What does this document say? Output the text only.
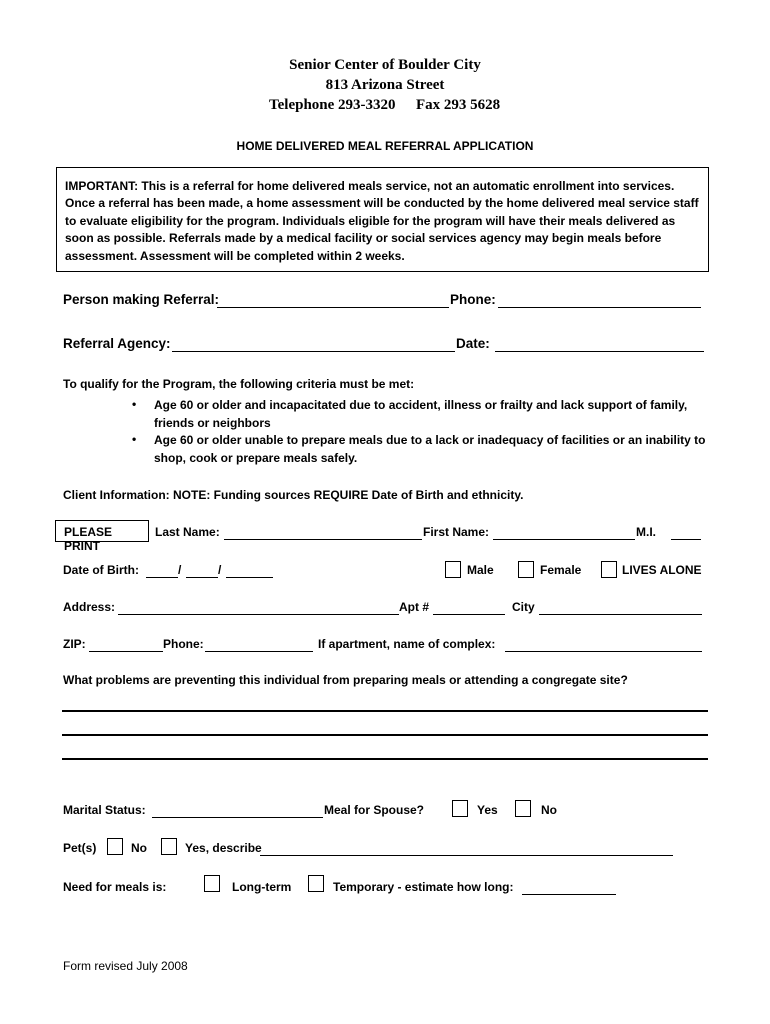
Senior Center of Boulder City
813 Arizona Street
Telephone 293-3320 Fax 293 5628
HOME DELIVERED MEAL REFERRAL APPLICATION
IMPORTANT: This is a referral for home delivered meals service, not an automatic enrollment into services. Once a referral has been made, a home assessment will be conducted by the home delivered meal service staff to evaluate eligibility for the program. Individuals eligible for the program will have their meals delivered as soon as possible. Referrals made by a medical facility or social services agency may begin meals before assessment. Assessment will be completed within 2 weeks.
Person making Referral:	Phone:
Referral Agency:	Date:
To qualify for the Program, the following criteria must be met:
• Age 60 or older and incapacitated due to accident, illness or frailty and lack support of family, friends or neighbors
• Age 60 or older unable to prepare meals due to a lack or inadequacy of facilities or an inability to shop, cook or prepare meals safely.
Client Information: NOTE: Funding sources REQUIRE Date of Birth and ethnicity.
PLEASE PRINT
Last Name:	First Name:	M.I.
Date of Birth:	/	/	Male	Female	LIVES ALONE
Address:	Apt #	City
ZIP:	Phone:	If apartment, name of complex:
What problems are preventing this individual from preparing meals or attending a congregate site?
Marital Status:	Meal for Spouse?	Yes	No
Pet(s)	No	Yes, describe
Need for meals is:	Long-term	Temporary - estimate how long:
Form revised July 2008
